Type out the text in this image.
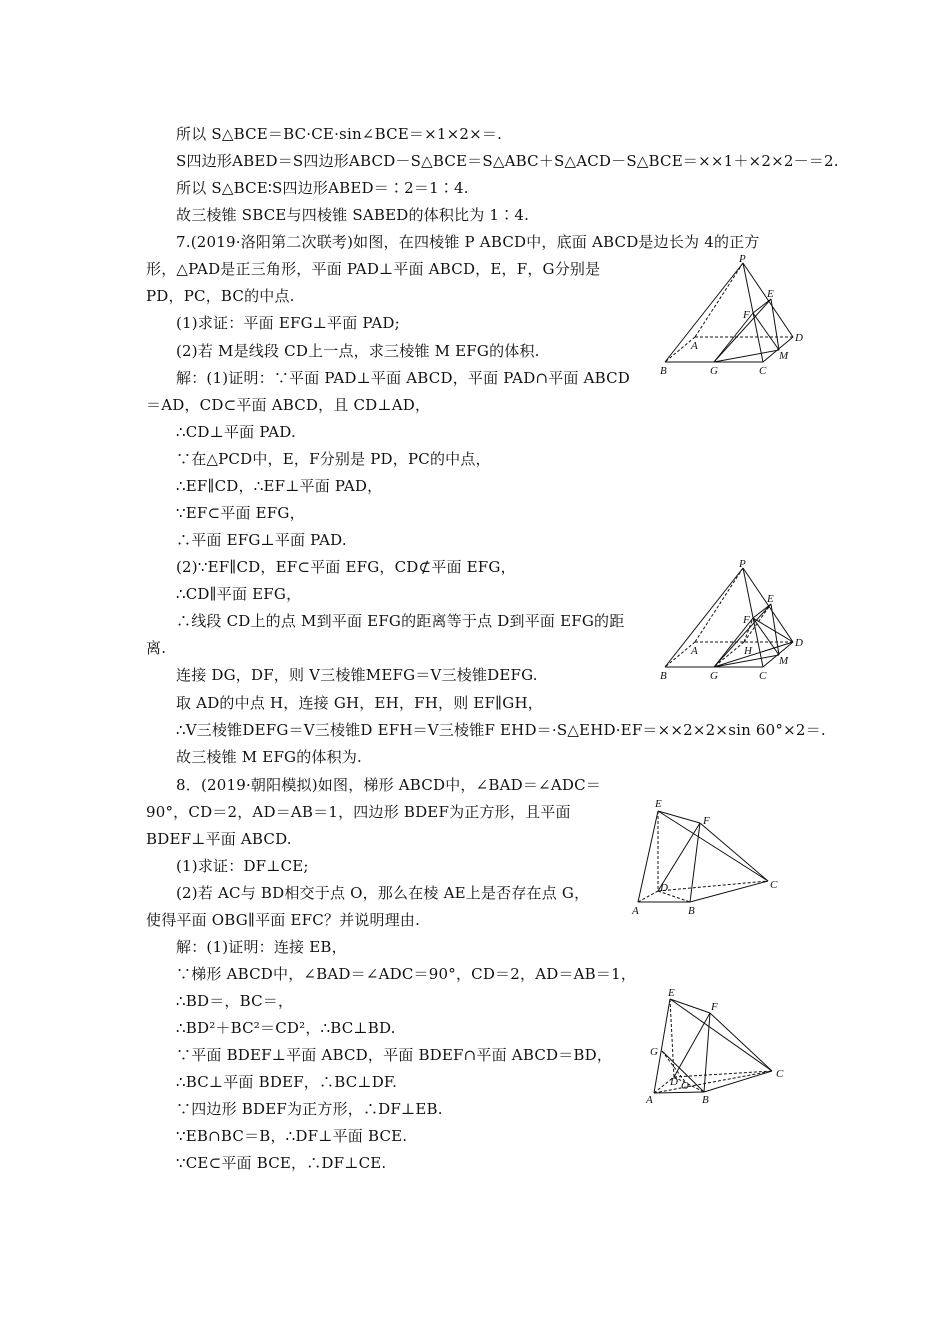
所以 S△BCE＝BC·CE·sin∠BCE＝×1×2×＝.
S四边形ABED＝S四边形ABCD－S△BCE＝S△ABC＋S△ACD－S△BCE＝××1＋×2×2－＝2.
所以 S△BCE∶S四边形ABED＝∶2＝1∶4.
故三棱锥 SBCE与四棱锥 SABED的体积比为 1∶4.
7.(2019·洛阳第二次联考)如图，在四棱锥 P ABCD中，底面 ABCD是边长为 4的正方
形，△PAD是正三角形，平面 PAD⊥平面 ABCD，E，F，G分别是
PD，PC，BC的中点.
(1)求证：平面 EFG⊥平面 PAD;
(2)若 M是线段 CD上一点，求三棱锥 M EFG的体积.
解：(1)证明：∵平面 PAD⊥平面 ABCD，平面 PAD∩平面 ABCD
＝AD，CD⊂平面 ABCD，且 CD⊥AD，
∴CD⊥平面 PAD.
∵在△PCD中，E，F分别是 PD，PC的中点，
∴EF∥CD，∴EF⊥平面 PAD，
∵EF⊂平面 EFG，
∴平面 EFG⊥平面 PAD.
(2)∵EF∥CD，EF⊂平面 EFG，CD⊄平面 EFG，
∴CD∥平面 EFG，
∴线段 CD上的点 M到平面 EFG的距离等于点 D到平面 EFG的距
离.
连接 DG，DF，则 V三棱锥MEFG＝V三棱锥DEFG.
取 AD的中点 H，连接 GH，EH，FH，则 EF∥GH，
∴V三棱锥DEFG＝V三棱锥D EFH＝V三棱锥F EHD＝·S△EHD·EF＝××2×2×sin 60°×2＝.
故三棱锥 M EFG的体积为.
8．(2019·朝阳模拟)如图，梯形 ABCD中，∠BAD＝∠ADC＝
90°，CD＝2，AD＝AB＝1，四边形 BDEF为正方形，且平面
BDEF⊥平面 ABCD.
(1)求证：DF⊥CE;
(2)若 AC与 BD相交于点 O，那么在棱 AE上是否存在点 G，
使得平面 OBG∥平面 EFC？并说明理由.
解：(1)证明：连接 EB，
∵梯形 ABCD中，∠BAD＝∠ADC＝90°，CD＝2，AD＝AB＝1，
∴BD＝，BC＝，
∴BD²＋BC²＝CD²，∴BC⊥BD.
∵平面 BDEF⊥平面 ABCD，平面 BDEF∩平面 ABCD＝BD，
∴BC⊥平面 BDEF，∴BC⊥DF.
∵四边形 BDEF为正方形，∴DF⊥EB.
∵EB∩BC＝B，∴DF⊥平面 BCE.
∵CE⊂平面 BCE，∴DF⊥CE.
P
E
F
D
A
M
B	G	C
P
E
F
D
A	H
M
B	G	C
E
F
D	C
A	B
E
F
G
D O
C
A	B
